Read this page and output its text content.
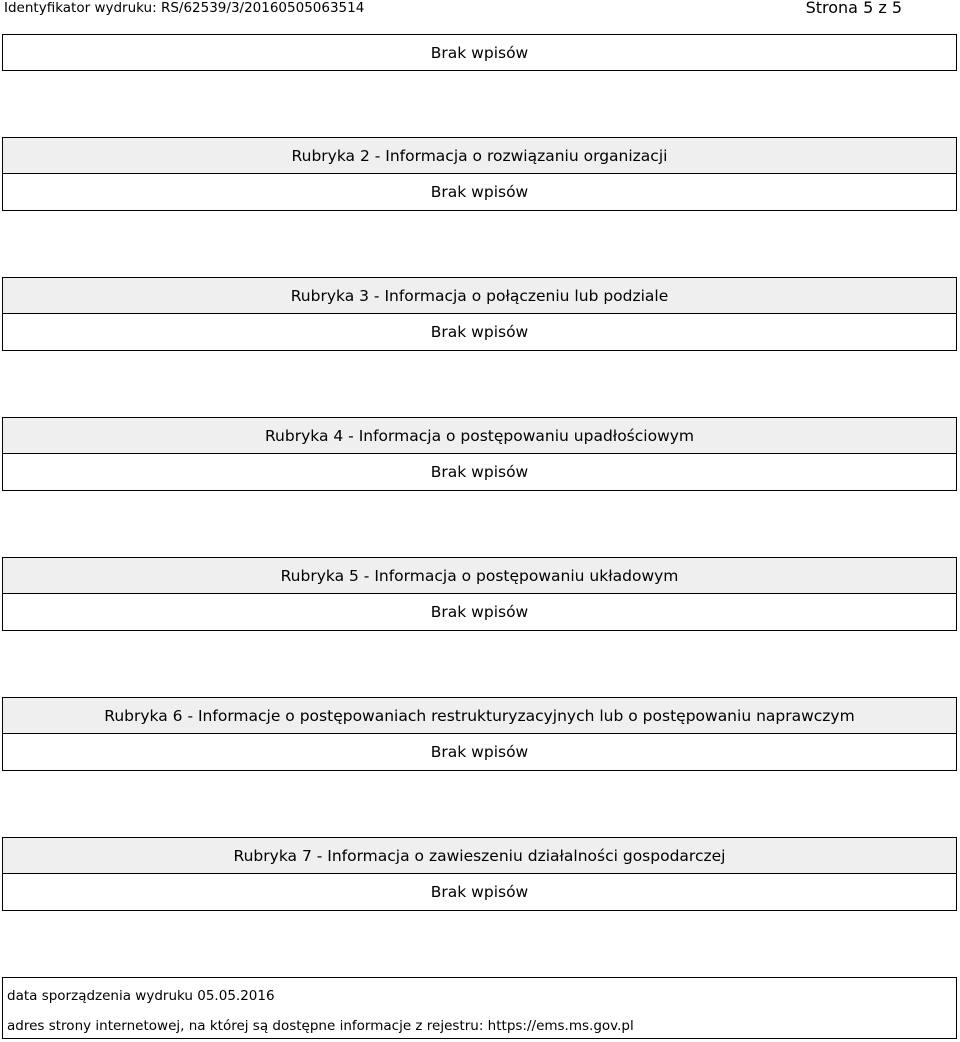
Identyfikator wydruku: RS/62539/3/20160505063514	Strona 5 z 5
Brak wpisów
Rubryka 2 - Informacja o rozwiązaniu organizacji
Brak wpisów
Rubryka 3 - Informacja o połączeniu lub podziale
Brak wpisów
Rubryka 4 - Informacja o postępowaniu upadłościowym
Brak wpisów
Rubryka 5 - Informacja o postępowaniu układowym
Brak wpisów
Rubryka 6 - Informacje o postępowaniach restrukturyzacyjnych lub o postępowaniu naprawczym
Brak wpisów
Rubryka 7 - Informacja o zawieszeniu działalności gospodarczej
Brak wpisów
data sporządzenia wydruku 05.05.2016
adres strony internetowej, na której są dostępne informacje z rejestru: https://ems.ms.gov.pl
